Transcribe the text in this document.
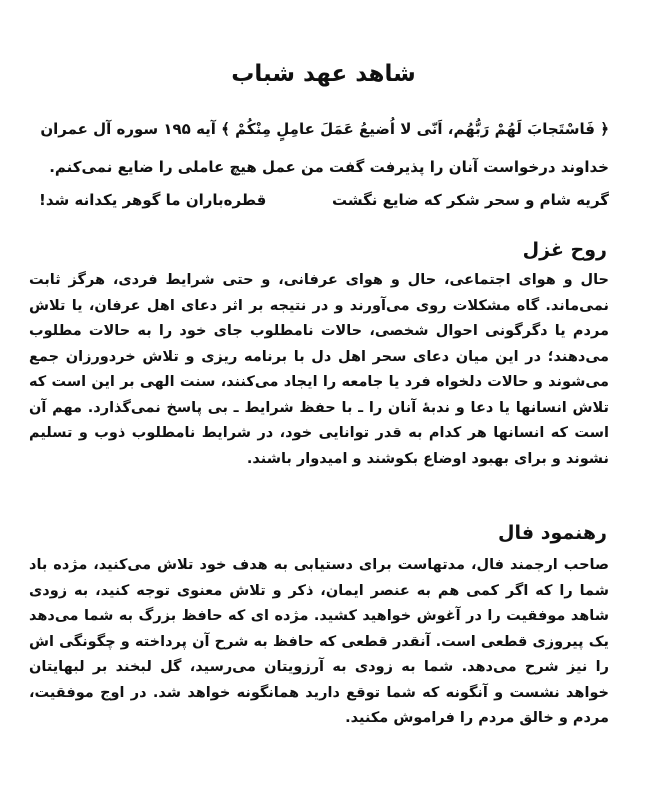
شاهد عهد شباب
﴿ فَاسْتَجابَ لَهُمْ رَبُّهُم، اَنّی لا اُضیعُ عَمَلَ عامِلٍ مِنْکُمْ ﴾ آیه ۱۹۵ سوره آل عمران
خداوند درخواست آنان را پذیرفت گفت من عمل هیچ عاملی را ضایع نمی‌کنم.
گریه شام و سحر شکر که ضایع نگشت
قطره‌باران ما گوهر یکدانه شد!
روح غزل
حال و هوای اجتماعی، حال و هوای عرفانی، و حتی شرایط فردی، هرگز ثابت نمی‌ماند. گاه مشکلات روی می‌آورند و در نتیجه بر اثر دعای اهل عرفان، یا تلاش مردم یا دگرگونی احوال شخصی، حالات نامطلوب جای خود را به حالات مطلوب می‌دهند؛ در این میان دعای سحر اهل دل با برنامه ریزی و تلاش خردورزان جمع می‌شوند و حالات دلخواه فرد یا جامعه را ایجاد می‌کنند، سنت الهی بر این است که تلاش انسانها یا دعا و ندبهٔ آنان را ـ با حفظ شرایط ـ بی پاسخ نمی‌گذارد. مهم آن است که انسانها هر کدام به قدر توانایی خود، در شرایط نامطلوب ذوب و تسلیم نشوند و برای بهبود اوضاع بکوشند و امیدوار باشند.
رهنمود فال
صاحب ارجمند فال، مدتهاست برای دستیابی به هدف خود تلاش می‌کنید، مژده باد شما را که اگر کمی هم به عنصر ایمان، ذکر و تلاش معنوی توجه کنید، به زودی شاهد موفقیت را در آغوش خواهید کشید. مژده ای که حافظ بزرگ به شما می‌دهد یک پیروزی قطعی است. آنقدر قطعی که حافظ به شرح آن پرداخته و چگونگی اش را نیز شرح می‌دهد. شما به زودی به آرزویتان می‌رسید، گل لبخند بر لبهایتان خواهد نشست و آنگونه که شما توقع دارید همانگونه خواهد شد. در اوج موفقیت، مردم و خالق مردم را فراموش مکنید.
